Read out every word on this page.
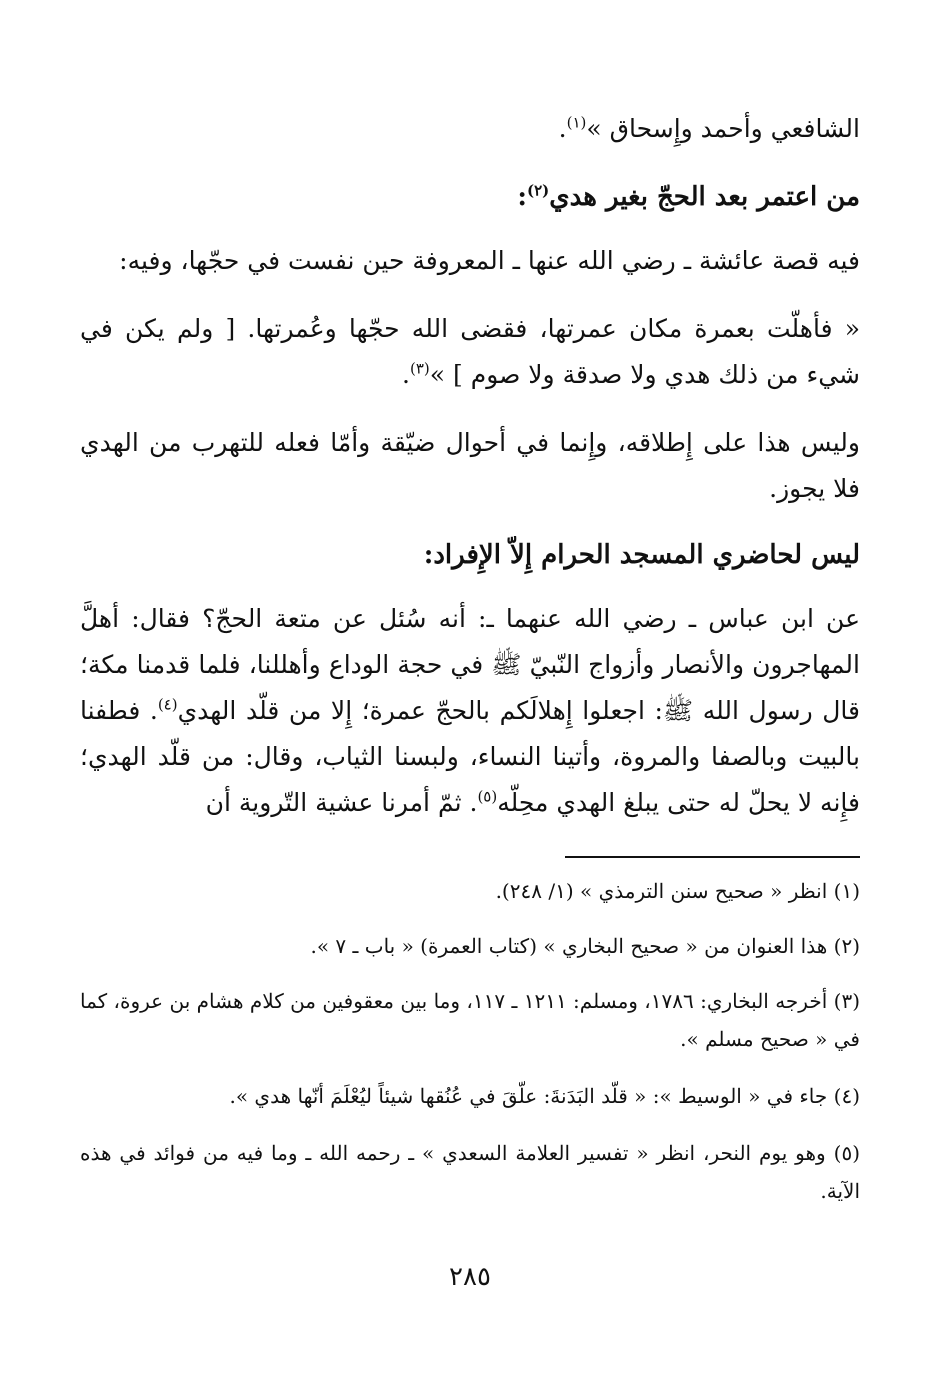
الشافعي وأحمد وإِسحاق »$^{(١)}$.
من اعتمر بعد الحجّ بغير هدي$^{(٢)}$:
فيه قصة عائشة ـ رضي الله عنها ـ المعروفة حين نفست في حجّها، وفيه:
« فأهلّت بعمرة مكان عمرتها، فقضى الله حجّها وعُمرتها. [ ولم يكن في شيء من ذلك هدي ولا صدقة ولا صوم ] »$^{(٣)}$.
وليس هذا على إِطلاقه، وإِنما في أحوال ضيّقة وأمّا فعله للتهرب من الهدي فلا يجوز.
ليس لحاضري المسجد الحرام إِلاّ الإِفراد:
عن ابن عباس ـ رضي الله عنهما ـ: أنه سُئل عن متعة الحجّ؟ فقال: أهلَّ المهاجرون والأنصار وأزواج النّبيّ ﷺ في حجة الوداع وأهللنا، فلما قدمنا مكة؛ قال رسول الله ﷺ: اجعلوا إِهلالَكم بالحجّ عمرة؛ إِلا من قلّد الهدي$^{(٤)}$. فطفنا بالبيت وبالصفا والمروة، وأتينا النساء، ولبسنا الثياب، وقال: من قلّد الهدي؛ فإِنه لا يحلّ له حتى يبلغ الهدي محِلّه$^{(٥)}$. ثمّ أمرنا عشية التّروية أن
(١) انظر « صحيح سنن الترمذي » (١/ ٢٤٨).
(٢) هذا العنوان من « صحيح البخاري » (كتاب العمرة) « باب ـ ٧ ».
(٣) أخرجه البخاري: ١٧٨٦، ومسلم: ١٢١١ ـ ١١٧، وما بين معقوفين من كلام هشام بن عروة، كما في « صحيح مسلم ».
(٤) جاء في « الوسيط »: « قلّد البَدَنةَ: علّقَ في عُنُقها شيئاً ليُعْلَمَ أنّها هدي ».
(٥) وهو يوم النحر، انظر « تفسير العلامة السعدي » ـ رحمه الله ـ وما فيه من فوائد في هذه الآية.
٢٨٥
